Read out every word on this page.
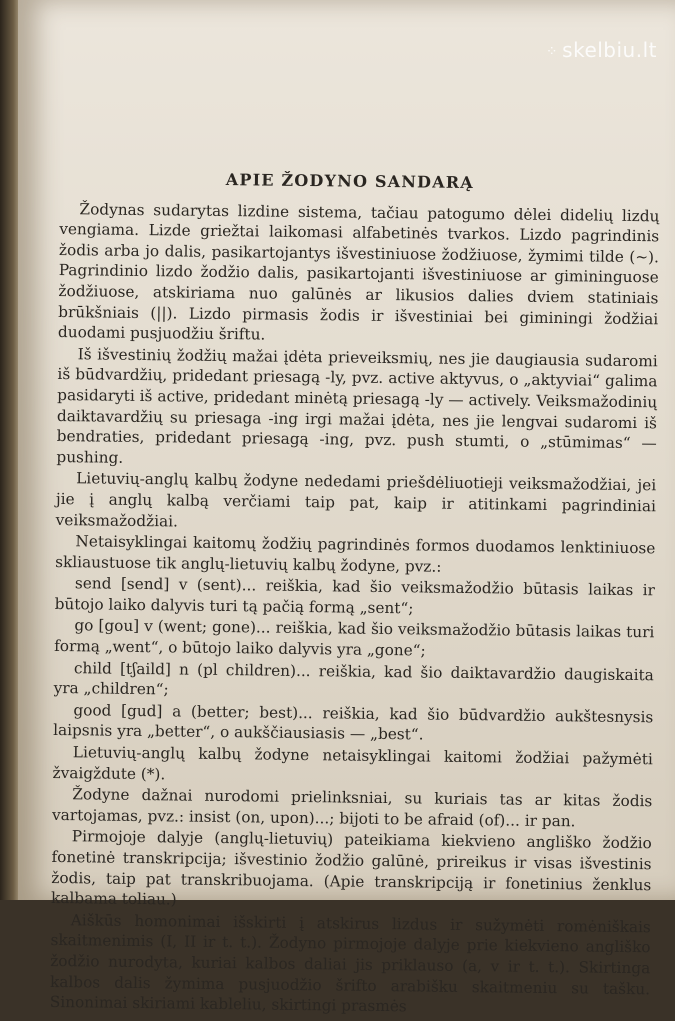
⁘ skelbiu.lt
APIE ŽODYNO SANDARĄ
Žodynas sudarytas lizdine sistema, tačiau patogumo dėlei didelių lizdų vengiama. Lizde griežtai laikomasi alfabetinės tvarkos. Lizdo pagrindinis žodis arba jo dalis, pasikartojantys išvestiniuose žodžiuose, žymimi tilde (~). Pagrindinio lizdo žodžio dalis, pasikartojanti išvestiniuose ar gimininguose žodžiuose, atskiriama nuo galūnės ar likusios dalies dviem statiniais brūkšniais (||). Lizdo pirmasis žodis ir išvestiniai bei giminingi žodžiai duodami pusjuodžiu šriftu.
Iš išvestinių žodžių mažai įdėta prieveiksmių, nes jie daugiausia sudaromi iš būdvardžių, pridedant priesagą -ly, pvz. active aktyvus, o „aktyviai“ galima pasidaryti iš active, pridedant minėtą priesagą -ly — actively. Veiksmažodinių daiktavardžių su priesaga -ing irgi mažai įdėta, nes jie lengvai sudaromi iš bendraties, pridedant priesagą -ing, pvz. push stumti, o „stūmimas“ — pushing.
Lietuvių-anglų kalbų žodyne nededami priešdėliuotieji veiksmažodžiai, jei jie į anglų kalbą verčiami taip pat, kaip ir atitinkami pagrindiniai veiksmažodžiai.
Netaisyklingai kaitomų žodžių pagrindinės formos duodamos lenktiniuose skliaustuose tik anglų-lietuvių kalbų žodyne, pvz.:
send [send] v (sent)... reiškia, kad šio veiksmažodžio būtasis laikas ir būtojo laiko dalyvis turi tą pačią formą „sent“;
go [gou] v (went; gone)... reiškia, kad šio veiksmažodžio būtasis laikas turi formą „went“, o būtojo laiko dalyvis yra „gone“;
child [tʃaild] n (pl children)... reiškia, kad šio daiktavardžio daugiskaita yra „children“;
good [gud] a (better; best)... reiškia, kad šio būdvardžio aukštesnysis laipsnis yra „better“, o aukščiausiasis — „best“.
Lietuvių-anglų kalbų žodyne netaisyklingai kaitomi žodžiai pažymėti žvaigždute (*).
Žodyne dažnai nurodomi prielinksniai, su kuriais tas ar kitas žodis vartojamas, pvz.: insist (on, upon)...; bijoti to be afraid (of)... ir pan.
Pirmojoje dalyje (anglų-lietuvių) pateikiama kiekvieno angliško žodžio fonetinė transkripcija; išvestinio žodžio galūnė, prireikus ir visas išvestinis žodis, taip pat transkribuojama. (Apie transkripciją ir fonetinius ženklus kalbama toliau.)
Aiškūs homonimai išskirti į atskirus lizdus ir sužymėti romėniškais skaitmenimis (I, II ir t. t.). Žodyno pirmojoje dalyje prie kiekvieno angliško žodžio nurodyta, kuriai kalbos daliai jis priklauso (a, v ir t. t.). Skirtinga kalbos dalis žymima pusjuodžio šrifto arabišku skaitmeniu su tašku. Sinonimai skiriami kableliu, skirtingi prasmės
